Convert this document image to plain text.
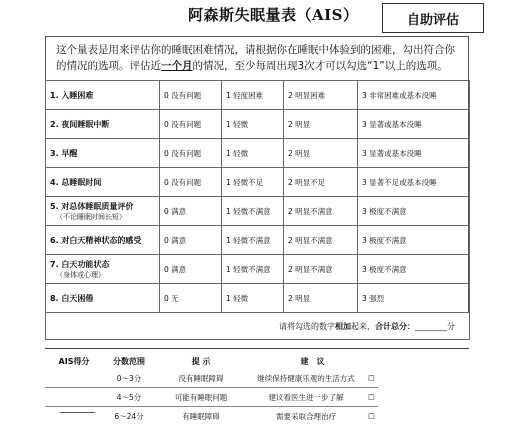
阿森斯失眠量表（AIS）	自助评估
这个量表是用来评估你的睡眠困难情况，请根据你在睡眠中体验到的困难，勾出符合你
的情况的选项。评估近一个月的情况，至少每周出现3次才可以勾选“1”以上的选项。
1. 入睡困难	0 没有问题	1 轻度困难	2 明显困难	3 非常困难或基本没睡
2. 夜间睡眠中断	0 没有问题	1 轻微	2 明显	3 显著或基本没睡
3. 早醒	0 没有问题	1 轻微	2 明显	3 显著或基本没睡
4. 总睡眠时间	0 没有问题	1 轻微不足	2 明显不足	3 显著不足或基本没睡
5. 对总体睡眠质量评价
（不论睡眠时间长短）	0 满意	1 轻微不满意	2 明显不满意	3 极度不满意
6. 对白天精神状态的感受	0 满意	1 轻微不满意	2 明显不满意	3 极度不满意
7. 白天功能状态
（身体或心理）	0 满意	1 轻微不满意	2 明显不满意	3 极度不满意
8. 白天困倦	0 无	1 轻微	2 明显	3 强烈
请将勾选的数字相加起来，合计总分：________分				
AIS得分	分数范围	提 示	建　议	
	0～3分	没有睡眠障碍	继续保持健康乐观的生活方式	☐
	4～5分	可能有睡眠问题	建议看医生进一步了解	☐
	6～24分	有睡眠障碍	需要采取合理治疗	☐
